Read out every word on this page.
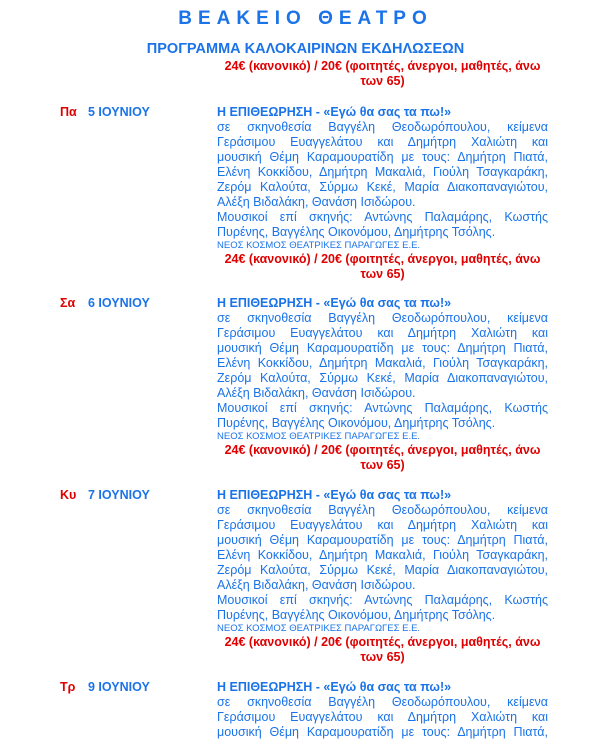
ΒΕΑΚΕΙΟ ΘΕΑΤΡΟ
ΠΡΟΓΡΑΜΜΑ ΚΑΛΟΚΑΙΡΙΝΩΝ ΕΚΔΗΛΩΣΕΩΝ
24€ (κανονικό) / 20€ (φοιτητές, άνεργοι, μαθητές, άνω των 65)
Πα 5 ΙΟΥΝΙΟΥ	Η ΕΠΙΘΕΩΡΗΣΗ - «Εγώ θα σας τα πω!»
σε σκηνοθεσία Βαγγέλη Θεοδωρόπουλου, κείμενα
Γεράσιμου Ευαγγελάτου και Δημήτρη Χαλιώτη και
μουσική Θέμη Καραμουρατίδη με τους: Δημήτρη Πιατά,
Ελένη Κοκκίδου, Δημήτρη Μακαλιά, Γιούλη Τσαγκαράκη,
Ζερόμ Καλούτα, Σύρμω Κεκέ, Μαρία Διακοπαναγιώτου,
Αλέξη Βιδαλάκη, Θανάση Ισιδώρου.
Μουσικοί επί σκηνής: Αντώνης Παλαμάρης, Κωστής
Πυρένης, Βαγγέλης Οικονόμου, Δημήτρης Τσόλης.
ΝΕΟΣ ΚΟΣΜΟΣ ΘΕΑΤΡΙΚΕΣ ΠΑΡΑΓΩΓΕΣ Ε.Ε.
24€ (κανονικό) / 20€ (φοιτητές, άνεργοι, μαθητές, άνω των 65)
Σα 6 ΙΟΥΝΙΟΥ	Η ΕΠΙΘΕΩΡΗΣΗ - «Εγώ θα σας τα πω!»
σε σκηνοθεσία Βαγγέλη Θεοδωρόπουλου, κείμενα
Γεράσιμου Ευαγγελάτου και Δημήτρη Χαλιώτη και
μουσική Θέμη Καραμουρατίδη με τους: Δημήτρη Πιατά,
Ελένη Κοκκίδου, Δημήτρη Μακαλιά, Γιούλη Τσαγκαράκη,
Ζερόμ Καλούτα, Σύρμω Κεκέ, Μαρία Διακοπαναγιώτου,
Αλέξη Βιδαλάκη, Θανάση Ισιδώρου.
Μουσικοί επί σκηνής: Αντώνης Παλαμάρης, Κωστής
Πυρένης, Βαγγέλης Οικονόμου, Δημήτρης Τσόλης.
ΝΕΟΣ ΚΟΣΜΟΣ ΘΕΑΤΡΙΚΕΣ ΠΑΡΑΓΩΓΕΣ Ε.Ε.
24€ (κανονικό) / 20€ (φοιτητές, άνεργοι, μαθητές, άνω των 65)
Κυ 7 ΙΟΥΝΙΟΥ	Η ΕΠΙΘΕΩΡΗΣΗ - «Εγώ θα σας τα πω!»
σε σκηνοθεσία Βαγγέλη Θεοδωρόπουλου, κείμενα
Γεράσιμου Ευαγγελάτου και Δημήτρη Χαλιώτη και
μουσική Θέμη Καραμουρατίδη με τους: Δημήτρη Πιατά,
Ελένη Κοκκίδου, Δημήτρη Μακαλιά, Γιούλη Τσαγκαράκη,
Ζερόμ Καλούτα, Σύρμω Κεκέ, Μαρία Διακοπαναγιώτου,
Αλέξη Βιδαλάκη, Θανάση Ισιδώρου.
Μουσικοί επί σκηνής: Αντώνης Παλαμάρης, Κωστής
Πυρένης, Βαγγέλης Οικονόμου, Δημήτρης Τσόλης.
ΝΕΟΣ ΚΟΣΜΟΣ ΘΕΑΤΡΙΚΕΣ ΠΑΡΑΓΩΓΕΣ Ε.Ε.
24€ (κανονικό) / 20€ (φοιτητές, άνεργοι, μαθητές, άνω των 65)
Τρ 9 ΙΟΥΝΙΟΥ	Η ΕΠΙΘΕΩΡΗΣΗ - «Εγώ θα σας τα πω!»
σε σκηνοθεσία Βαγγέλη Θεοδωρόπουλου, κείμενα
Γεράσιμου Ευαγγελάτου και Δημήτρη Χαλιώτη και
μουσική Θέμη Καραμουρατίδη με τους: Δημήτρη Πιατά,
